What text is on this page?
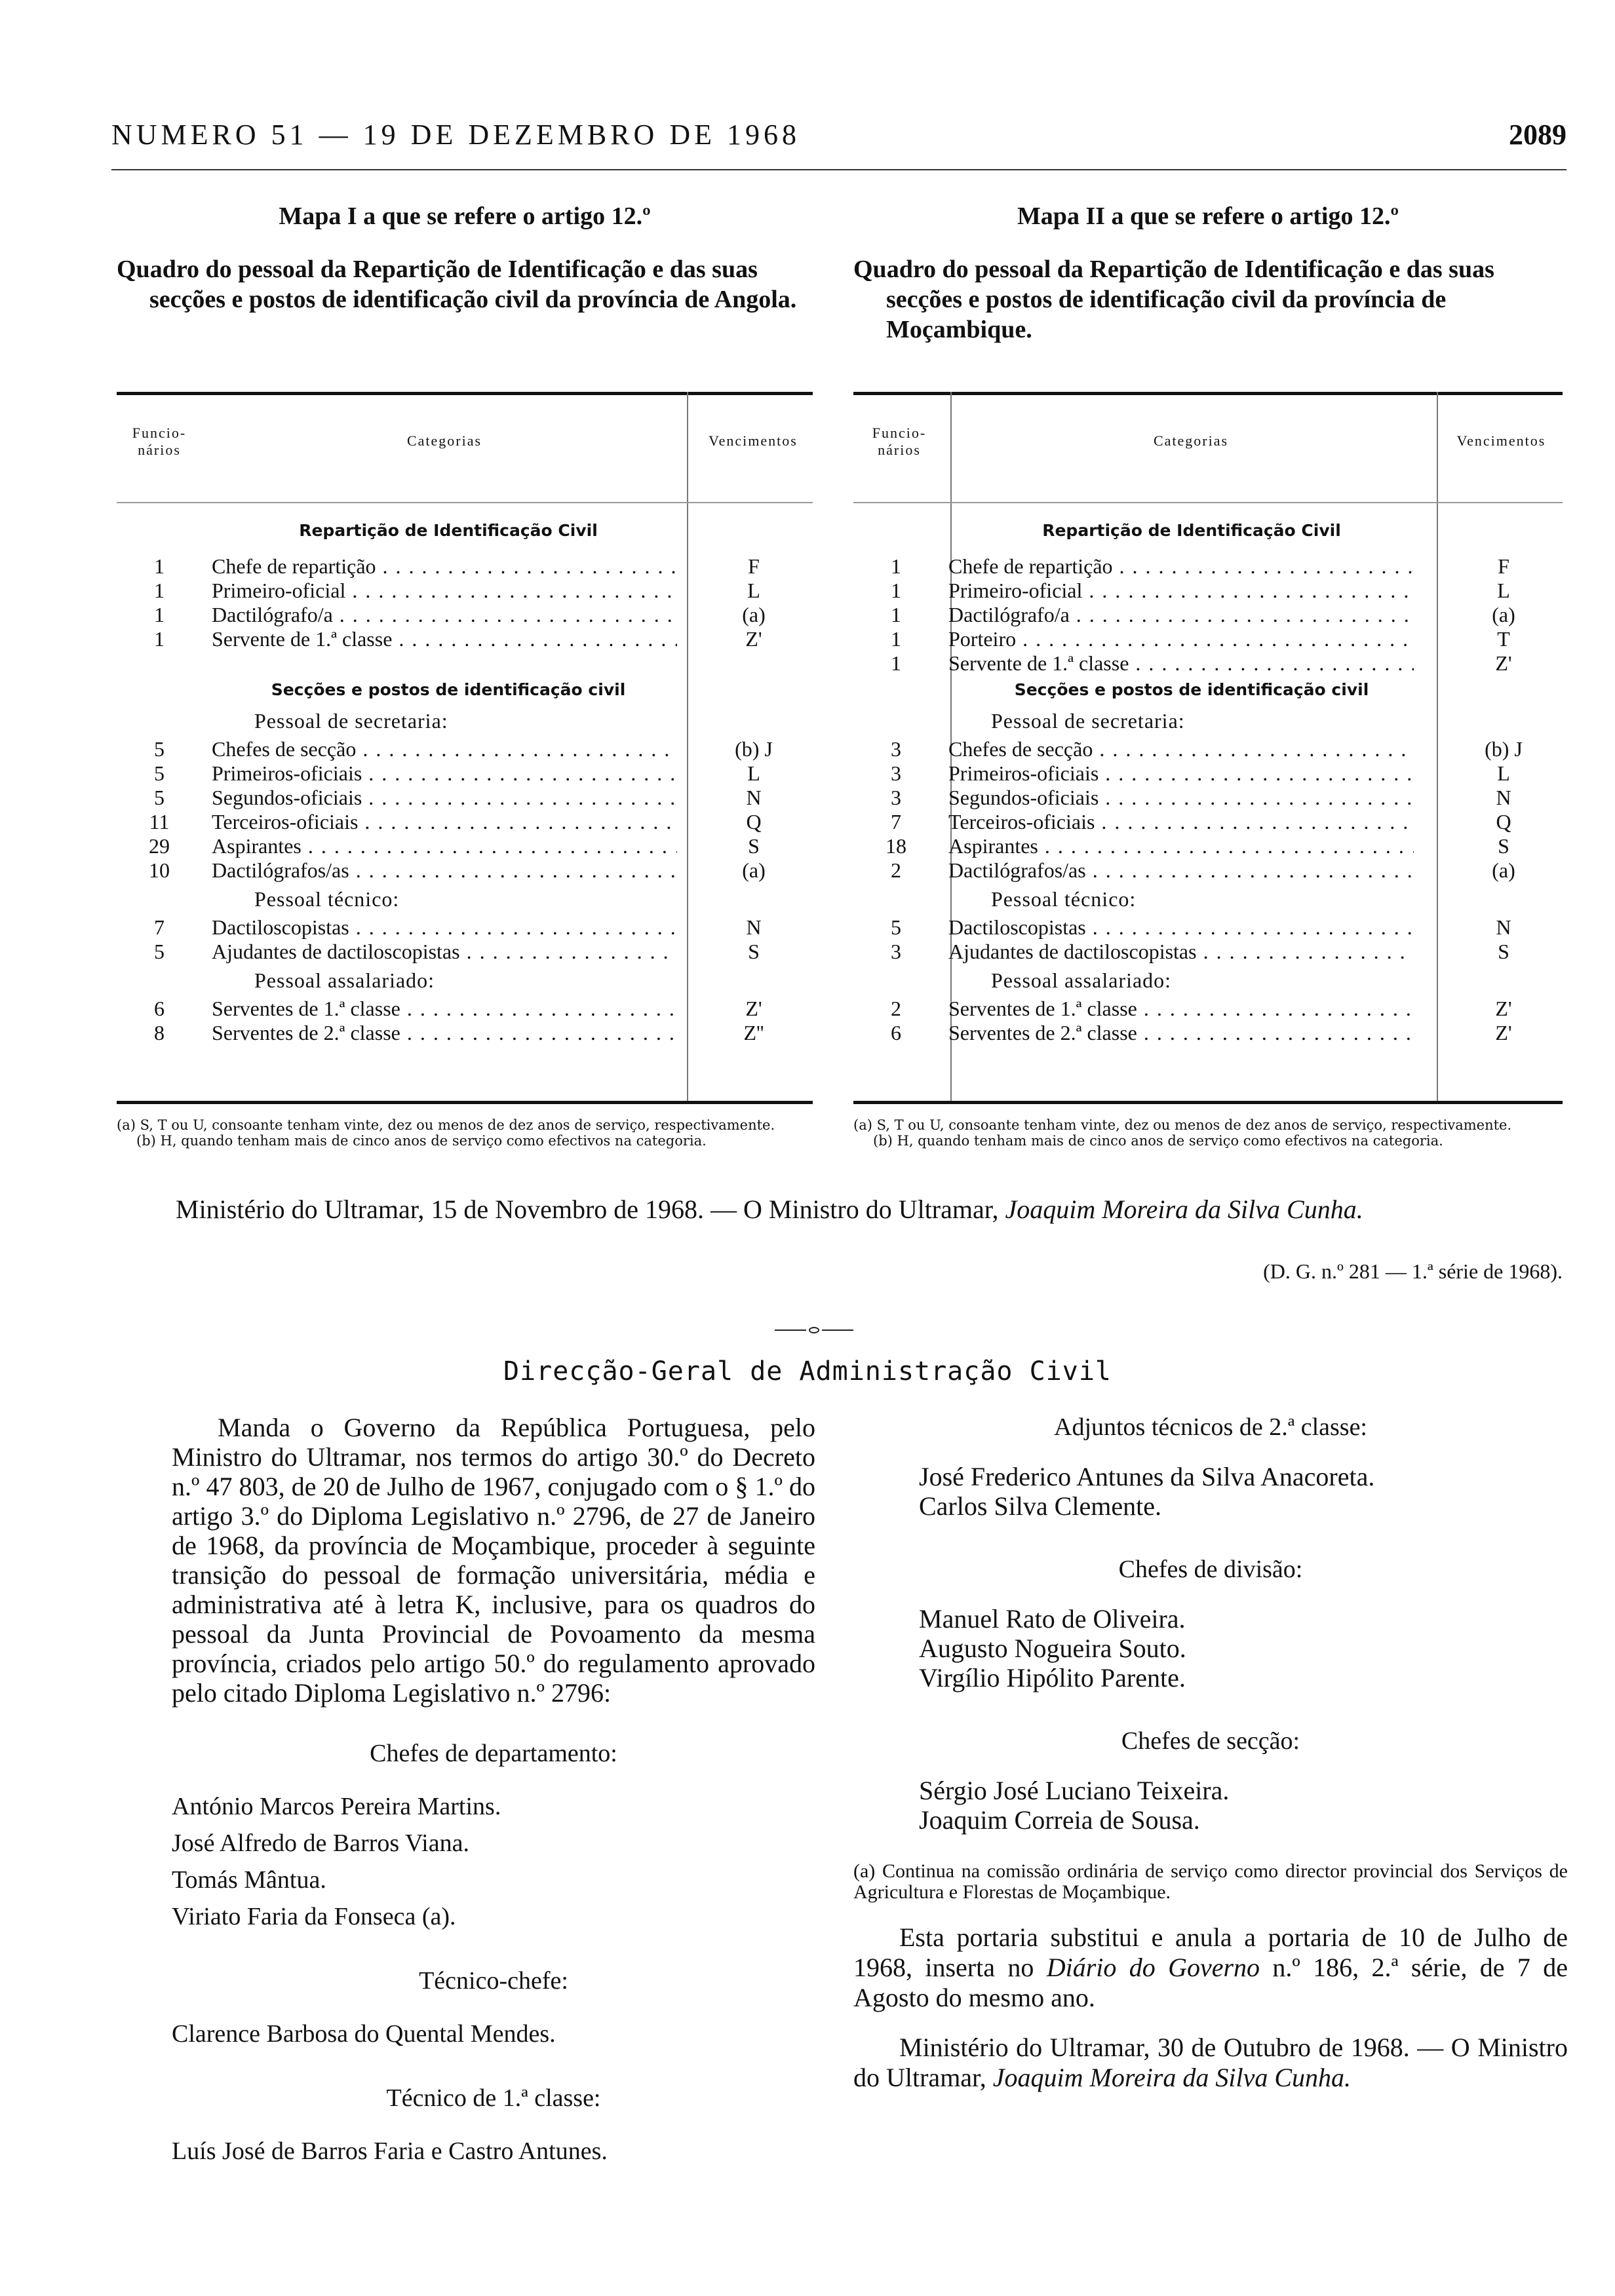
NUMERO 51 — 19 DE DEZEMBRO DE 1968	2089
Mapa I a que se refere o artigo 12.º
Quadro do pessoal da Repartição de Identificação e das suas secções e postos de identificação civil da província de Angola.
Funcio-
nários
Categorias	Vencimentos
Repartição de Identificação Civil
1	Chefe de repartição . . .	F
1	Primeiro-oficial . . .	L
1	Dactilógrafo/a . . .	(a)
1	Servente de 1.ª classe . . .	Z'
Secções e postos de identificação civil
Pessoal de secretaria:
5	Chefes de secção . . .	(b) J
5	Primeiros-oficiais . . .	L
5	Segundos-oficiais . . .	N
11	Terceiros-oficiais . . .	Q
29	Aspirantes . . .	S
10	Dactilógrafos/as . . .	(a)
Pessoal técnico:
7	Dactiloscopistas . . .	N
5	Ajudantes de dactiloscopistas . . .	S
Pessoal assalariado:
6	Serventes de 1.ª classe . . .	Z'
8	Serventes de 2.ª classe . . .	Z''

(a) S, T ou U, consoante tenham vinte, dez ou menos de dez anos de serviço, respectivamente.

(b) H, quando tenham mais de cinco anos de serviço como efectivos na categoria.

Mapa II a que se refere o artigo 12.º
Quadro do pessoal da Repartição de Identificação e das suas secções e postos de identificação civil da província de Moçambique.
Funcio-
nários
Categorias	Vencimentos
Repartição de Identificação Civil
1	Chefe de repartição . . .	F
1	Primeiro-oficial . . .	L
1	Dactilógrafo/a . . .	(a)
1	Porteiro . . .	T
1	Servente de 1.ª classe . . .	Z'
Secções e postos de identificação civil
Pessoal de secretaria:
3	Chefes de secção . . .	(b) J
3	Primeiros-oficiais . . .	L
3	Segundos-oficiais . . .	N
7	Terceiros-oficiais . . .	Q
18	Aspirantes . . .	S
2	Dactilógrafos/as . . .	(a)
Pessoal técnico:
5	Dactiloscopistas . . .	N
3	Ajudantes de dactiloscopistas . . .	S
Pessoal assalariado:
2	Serventes de 1.ª classe . . .	Z'
6	Serventes de 2.ª classe . . .	Z'

(a) S, T ou U, consoante tenham vinte, dez ou menos de dez anos de serviço, respectivamente.

(b) H, quando tenham mais de cinco anos de serviço como efectivos na categoria.

Ministério do Ultramar, 15 de Novembro de 1968. — O Ministro do Ultramar, Joaquim Moreira da Silva Cunha.
(D. G. n.º 281 — 1.ª série de 1968).
Direcção-Geral de Administração Civil

Manda o Governo da República Portuguesa, pelo Ministro do Ultramar, nos termos do artigo 30.º do Decreto n.º 47 803, de 20 de Julho de 1967, conjugado com o § 1.º do artigo 3.º do Diploma Legislativo n.º 2796, de 27 de Janeiro de 1968, da província de Moçambique, proceder à seguinte transição do pessoal de formação universitária, média e administrativa até à letra K, inclusive, para os quadros do pessoal da Junta Provincial de Povoamento da mesma província, criados pelo artigo 50.º do regulamento aprovado pelo citado Diploma Legislativo n.º 2796:

Chefes de departamento:
António Marcos Pereira Martins.
José Alfredo de Barros Viana.
Tomás Mântua.
Viriato Faria da Fonseca (a).
Técnico-chefe:
Clarence Barbosa do Quental Mendes.
Técnico de 1.ª classe:
Luís José de Barros Faria e Castro Antunes.
Adjuntos técnicos de 2.ª classe:
José Frederico Antunes da Silva Anacoreta.
Carlos Silva Clemente.
Chefes de divisão:
Manuel Rato de Oliveira.
Augusto Nogueira Souto.
Virgílio Hipólito Parente.
Chefes de secção:
Sérgio José Luciano Teixeira.
Joaquim Correia de Sousa.

(a) Continua na comissão ordinária de serviço como director provincial dos Serviços de Agricultura e Florestas de Moçambique.

Esta portaria substitui e anula a portaria de 10 de Julho de 1968, inserta no Diário do Governo n.º 186, 2.ª série, de 7 de Agosto do mesmo ano.

Ministério do Ultramar, 30 de Outubro de 1968. — O Ministro do Ultramar, Joaquim Moreira da Silva Cunha.
